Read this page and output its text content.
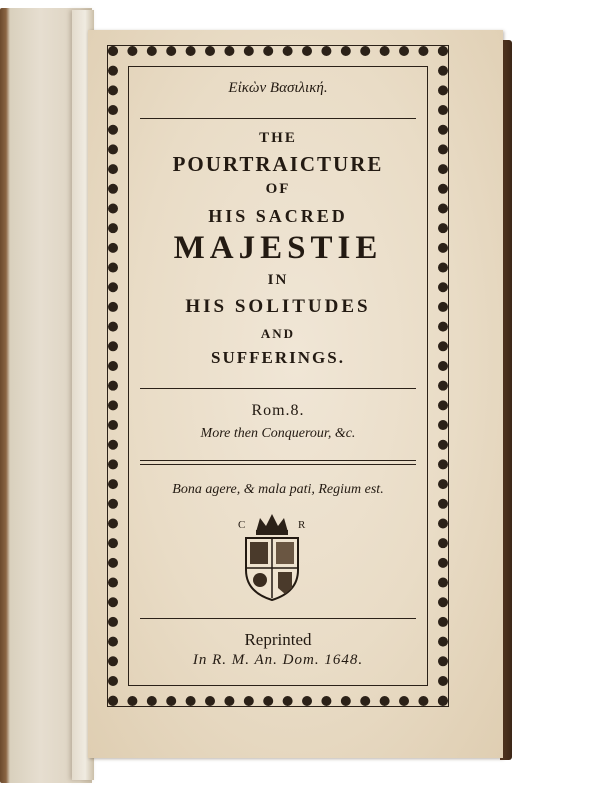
Εἰκὼν Βασιλική.
THE
POURTRAICTURE
OF
HIS SACRED
MAJESTIE
IN
HIS SOLITUDES
AND
SUFFERINGS.
Rom.8.
More then Conquerour, &c.
Bona agere, & mala pati, Regium est.
C	R
Reprinted
In R. M. An. Dom. 1648.
